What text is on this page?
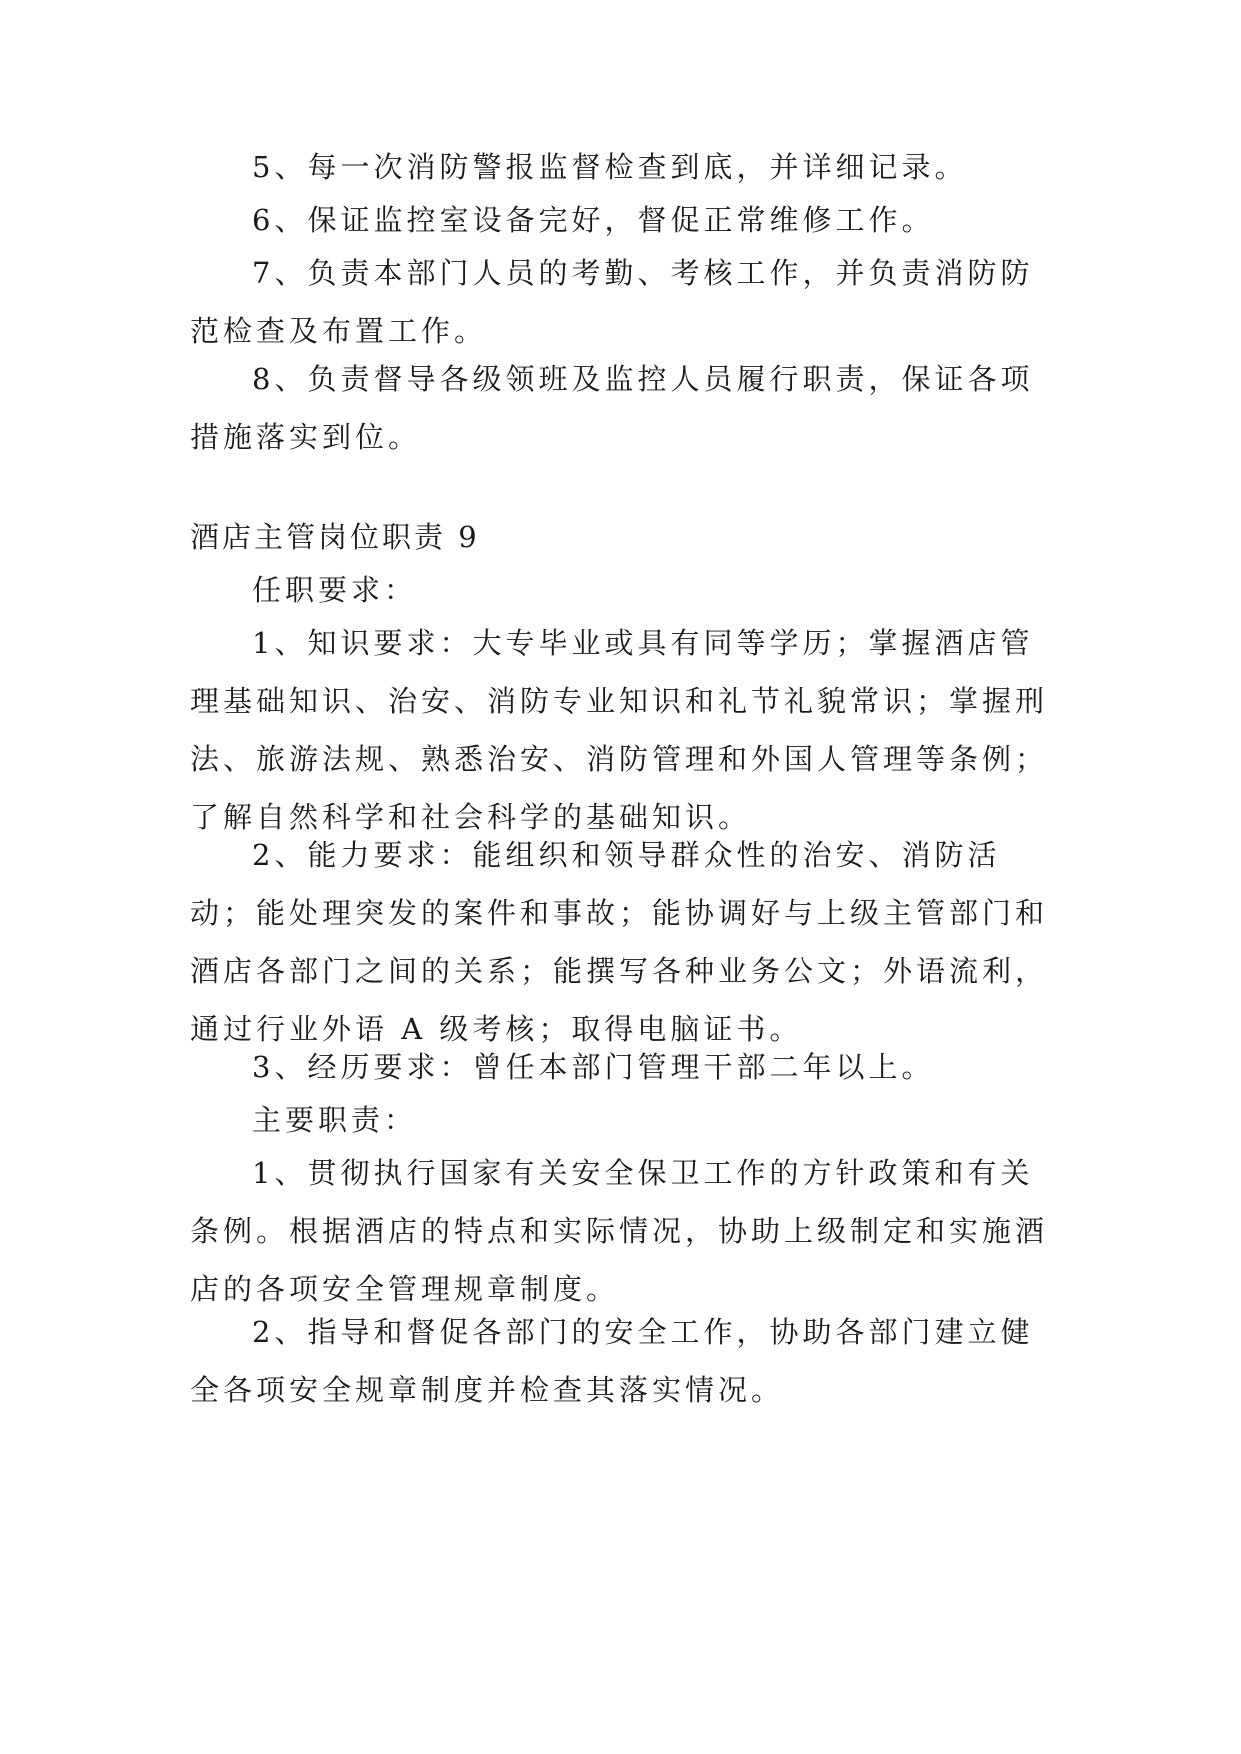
5、每一次消防警报监督检查到底，并详细记录。

6、保证监控室设备完好，督促正常维修工作。

7、负责本部门人员的考勤、考核工作，并负责消防防范检查及布置工作。

8、负责督导各级领班及监控人员履行职责，保证各项措施落实到位。

酒店主管岗位职责 9

任职要求：

1、知识要求：大专毕业或具有同等学历；掌握酒店管理基础知识、治安、消防专业知识和礼节礼貌常识；掌握刑法、旅游法规、熟悉治安、消防管理和外国人管理等条例；了解自然科学和社会科学的基础知识。

2、能力要求：能组织和领导群众性的治安、消防活动；能处理突发的案件和事故；能协调好与上级主管部门和酒店各部门之间的关系；能撰写各种业务公文；外语流利，通过行业外语 A 级考核；取得电脑证书。

3、经历要求：曾任本部门管理干部二年以上。

主要职责：

1、贯彻执行国家有关安全保卫工作的方针政策和有关条例。根据酒店的特点和实际情况，协助上级制定和实施酒店的各项安全管理规章制度。

2、指导和督促各部门的安全工作，协助各部门建立健全各项安全规章制度并检查其落实情况。
